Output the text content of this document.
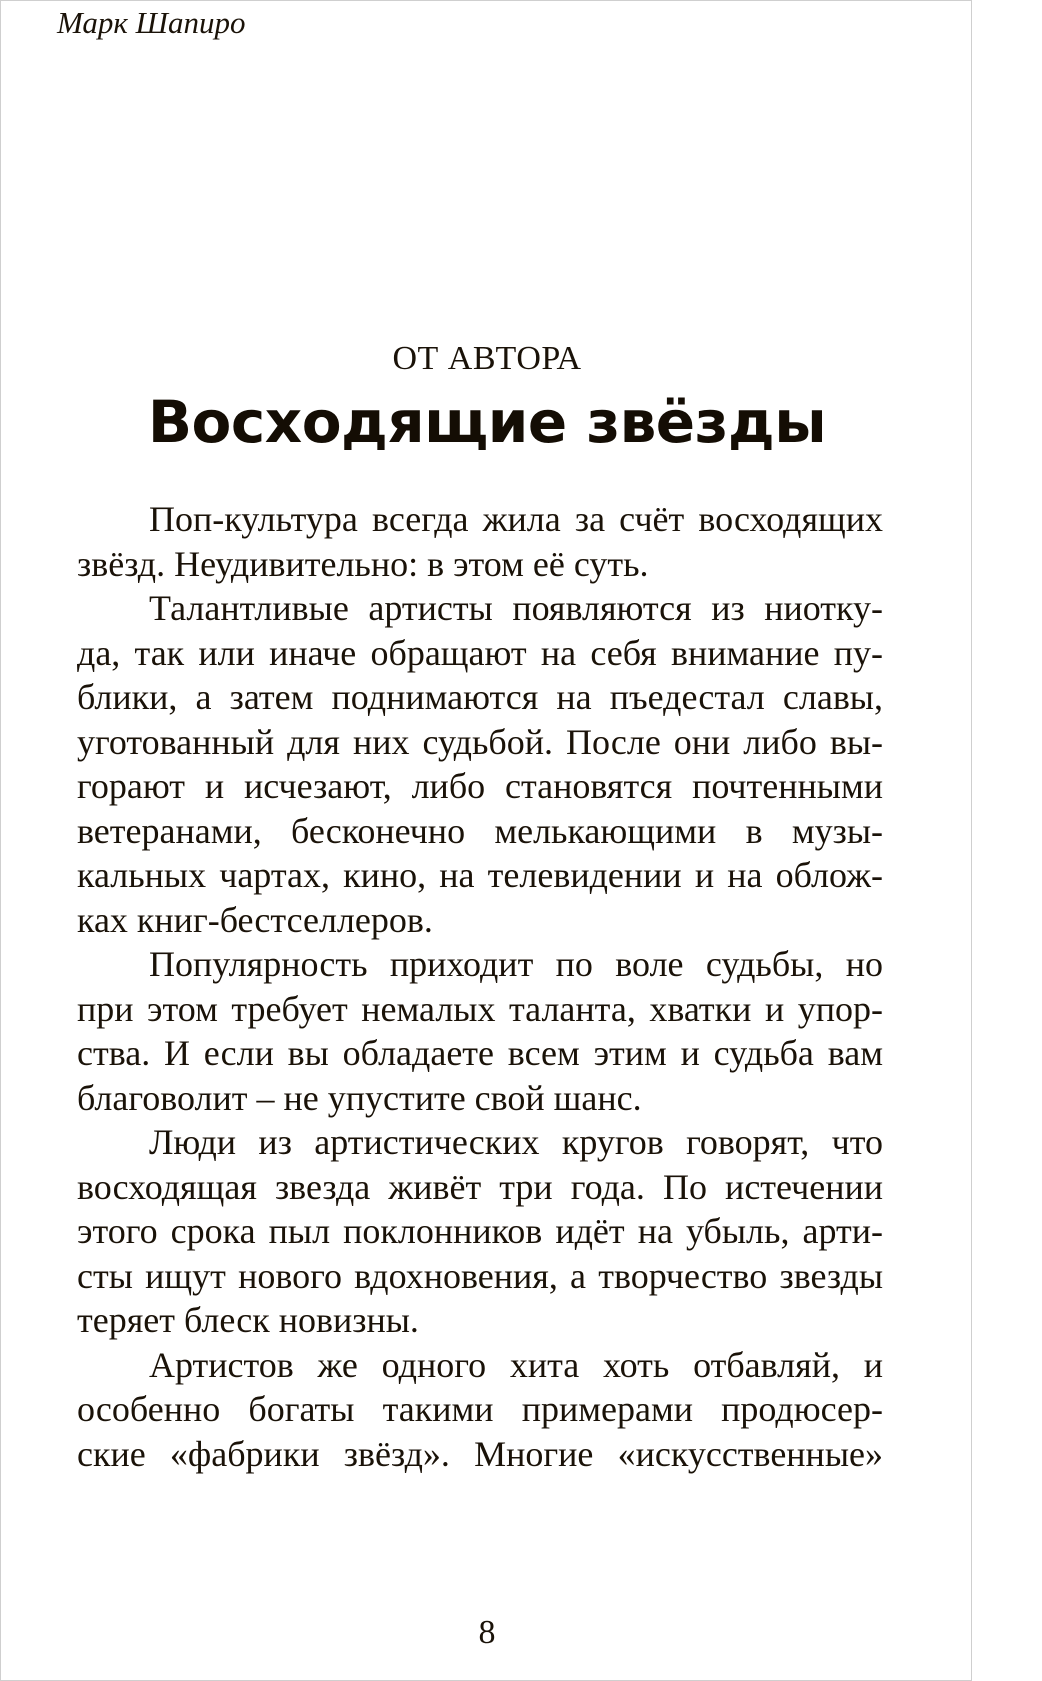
Марк Шапиро
ОТ АВТОРА
Восходящие звёзды
Поп-культура всегда жила за счёт восходящих
звёзд. Неудивительно: в этом её суть.
Талантливые артисты появляются из ниотку-
да, так или иначе обращают на себя внимание пу-
блики, а затем поднимаются на пъедестал славы,
уготованный для них судьбой. После они либо вы-
горают и исчезают, либо становятся почтенными
ветеранами, бесконечно мелькающими в музы-
кальных чартах, кино, на телевидении и на облож-
ках книг-бестселлеров.
Популярность приходит по воле судьбы, но
при этом требует немалых таланта, хватки и упор-
ства. И если вы обладаете всем этим и судьба вам
благоволит – не упустите свой шанс.
Люди из артистических кругов говорят, что
восходящая звезда живёт три года. По истечении
этого срока пыл поклонников идёт на убыль, арти-
сты ищут нового вдохновения, а творчество звезды
теряет блеск новизны.
Артистов же одного хита хоть отбавляй, и
особенно богаты такими примерами продюсер-
ские «фабрики звёзд». Многие «искусственные»
8
